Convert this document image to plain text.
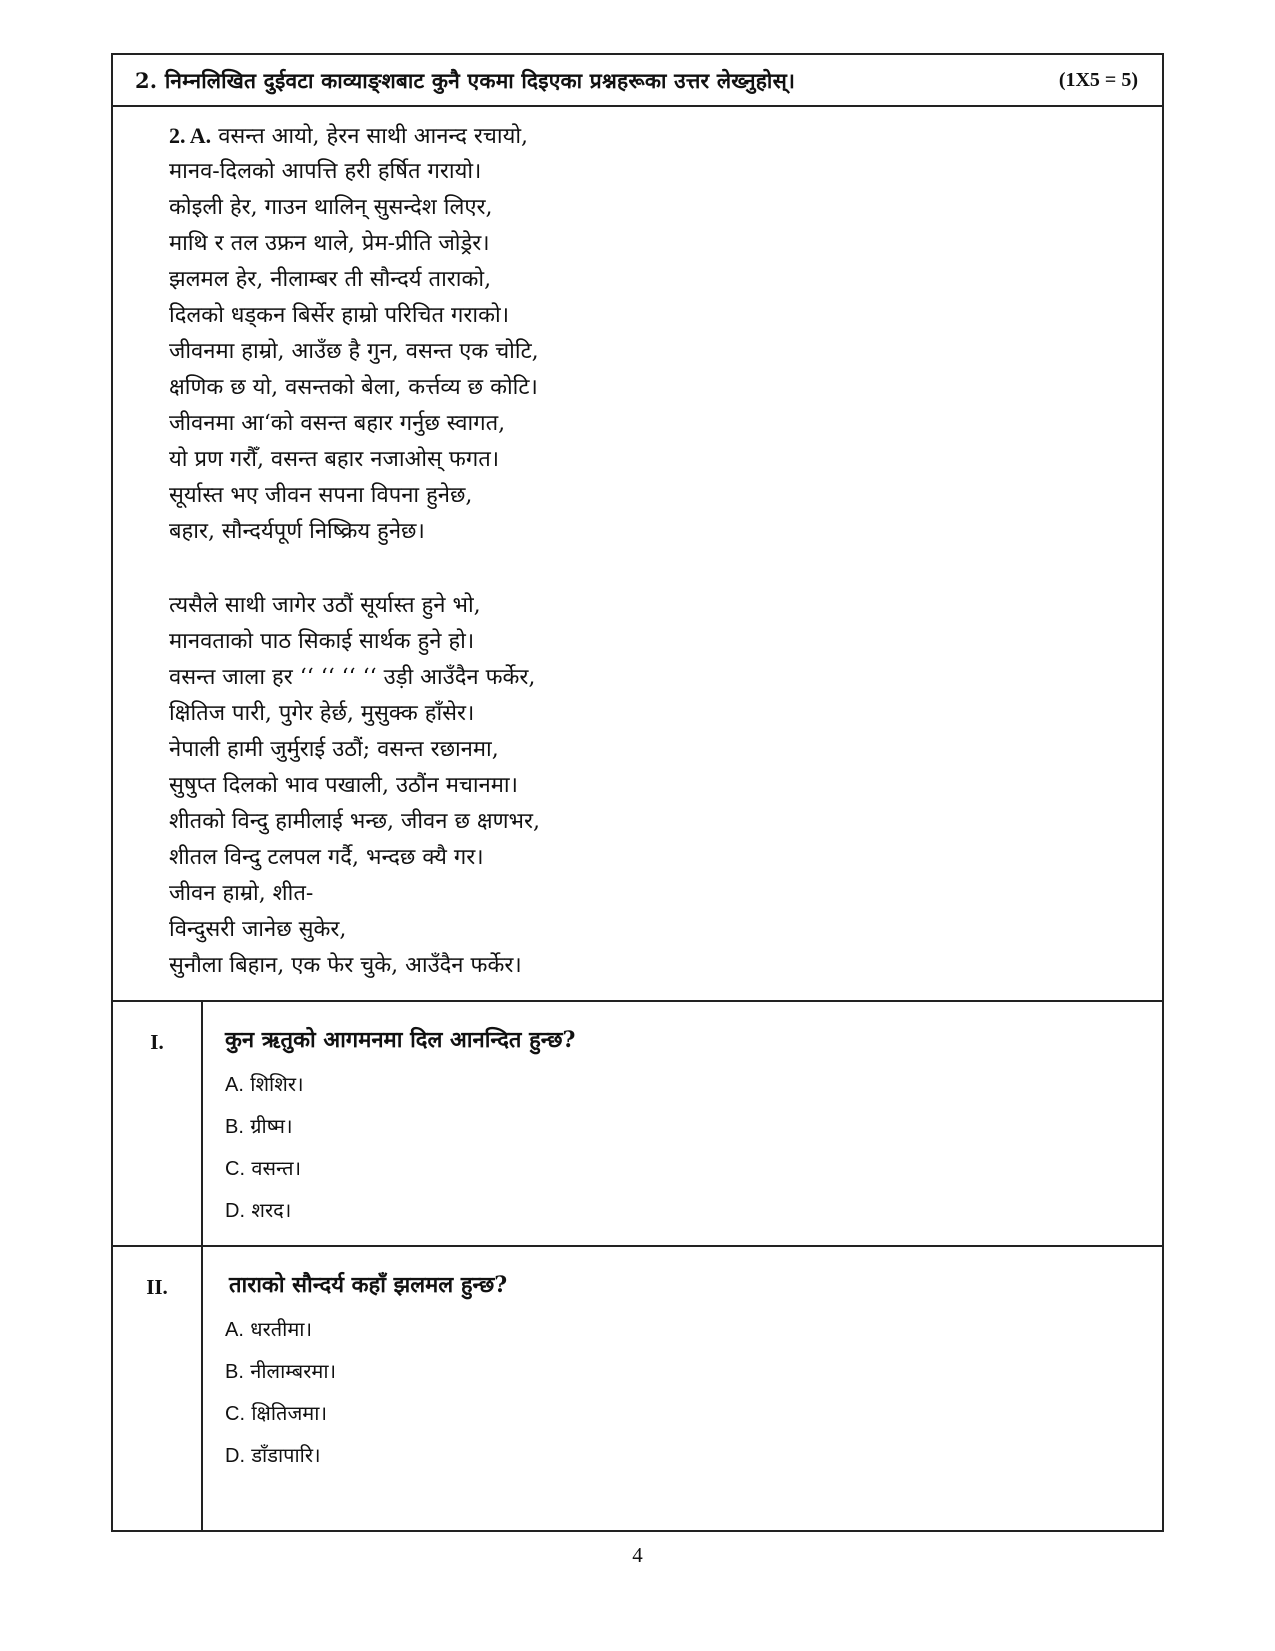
2. निम्नलिखित दुईवटा काव्याङ्शबाट कुनै एकमा दिइएका प्रश्नहरूका उत्तर लेख्नुहोस्।	(1X5 = 5)
2. A. वसन्त आयो, हेरन साथी आनन्द रचायो,
मानव-दिलको आपत्ति हरी हर्षित गरायो।
कोइली हेर, गाउन थालिन् सुसन्देश लिएर,
माथि र तल उफ्रन थाले, प्रेम-प्रीति जोड्रेर।
झलमल हेर, नीलाम्बर ती सौन्दर्य ताराको,
दिलको धड्कन बिर्सेर हाम्रो परिचित गराको।
जीवनमा हाम्रो, आउँछ है गुन, वसन्त एक चोटि,
क्षणिक छ यो, वसन्तको बेला, कर्त्तव्य छ कोटि।
जीवनमा आ‘को वसन्त बहार गर्नुछ स्वागत,
यो प्रण गरौँ, वसन्त बहार नजाओस् फगत।
सूर्यास्त भए जीवन सपना विपना हुनेछ,
बहार, सौन्दर्यपूर्ण निष्क्रिय हुनेछ।
त्यसैले साथी जागेर उठौं सूर्यास्त हुने भो,
मानवताको पाठ सिकाई सार्थक हुने हो।
वसन्त जाला हर ‘‘ ‘‘ ‘‘ ‘‘ उड़ी आउँदैन फर्केर,
क्षितिज पारी, पुगेर हेर्छ, मुसुक्क हाँसेर।
नेपाली हामी जुर्मुराई उठौं; वसन्त रछानमा,
सुषुप्त दिलको भाव पखाली, उठौंन मचानमा।
शीतको विन्दु हामीलाई भन्छ, जीवन छ क्षणभर,
शीतल विन्दु टलपल गर्दै, भन्दछ क्यै गर।
जीवन हाम्रो, शीत-
विन्दुसरी जानेछ सुकेर,
सुनौला बिहान, एक फेर चुके, आउँदैन फर्केर।
I.	कुन ऋतुको आगमनमा दिल आनन्दित हुन्छ?
A. शिशिर।
B. ग्रीष्म।
C. वसन्त।
D. शरद।
II.	ताराको सौन्दर्य कहाँ झलमल हुन्छ?
A. धरतीमा।
B. नीलाम्बरमा।
C. क्षितिजमा।
D. डाँडापारि।
4
